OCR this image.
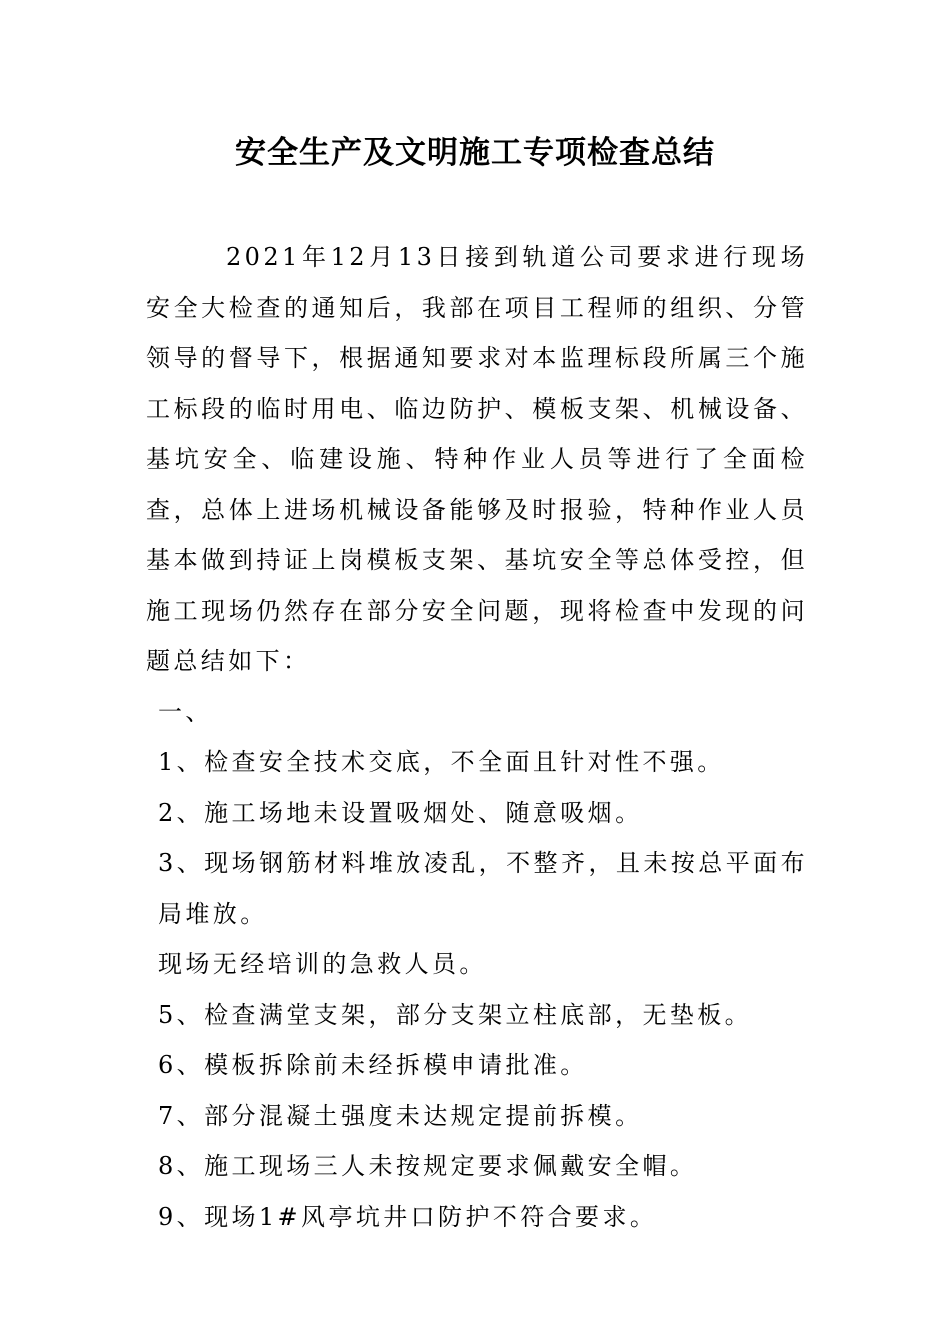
安全生产及文明施工专项检查总结

2021年12月13日接到轨道公司要求进行现场安全大检查的通知后，我部在项目工程师的组织、分管领导的督导下，根据通知要求对本监理标段所属三个施工标段的临时用电、临边防护、模板支架、机械设备、基坑安全、临建设施、特种作业人员等进行了全面检查，总体上进场机械设备能够及时报验，特种作业人员基本做到持证上岗模板支架、基坑安全等总体受控，但施工现场仍然存在部分安全问题，现将检查中发现的问题总结如下：

一、

1、检查安全技术交底，不全面且针对性不强。

2、施工场地未设置吸烟处、随意吸烟。

3、现场钢筋材料堆放凌乱，不整齐，且未按总平面布局堆放。

现场无经培训的急救人员。

5、检查满堂支架，部分支架立柱底部，无垫板。

6、模板拆除前未经拆模申请批准。

7、部分混凝土强度未达规定提前拆模。

8、施工现场三人未按规定要求佩戴安全帽。

9、现场1#风亭坑井口防护不符合要求。
